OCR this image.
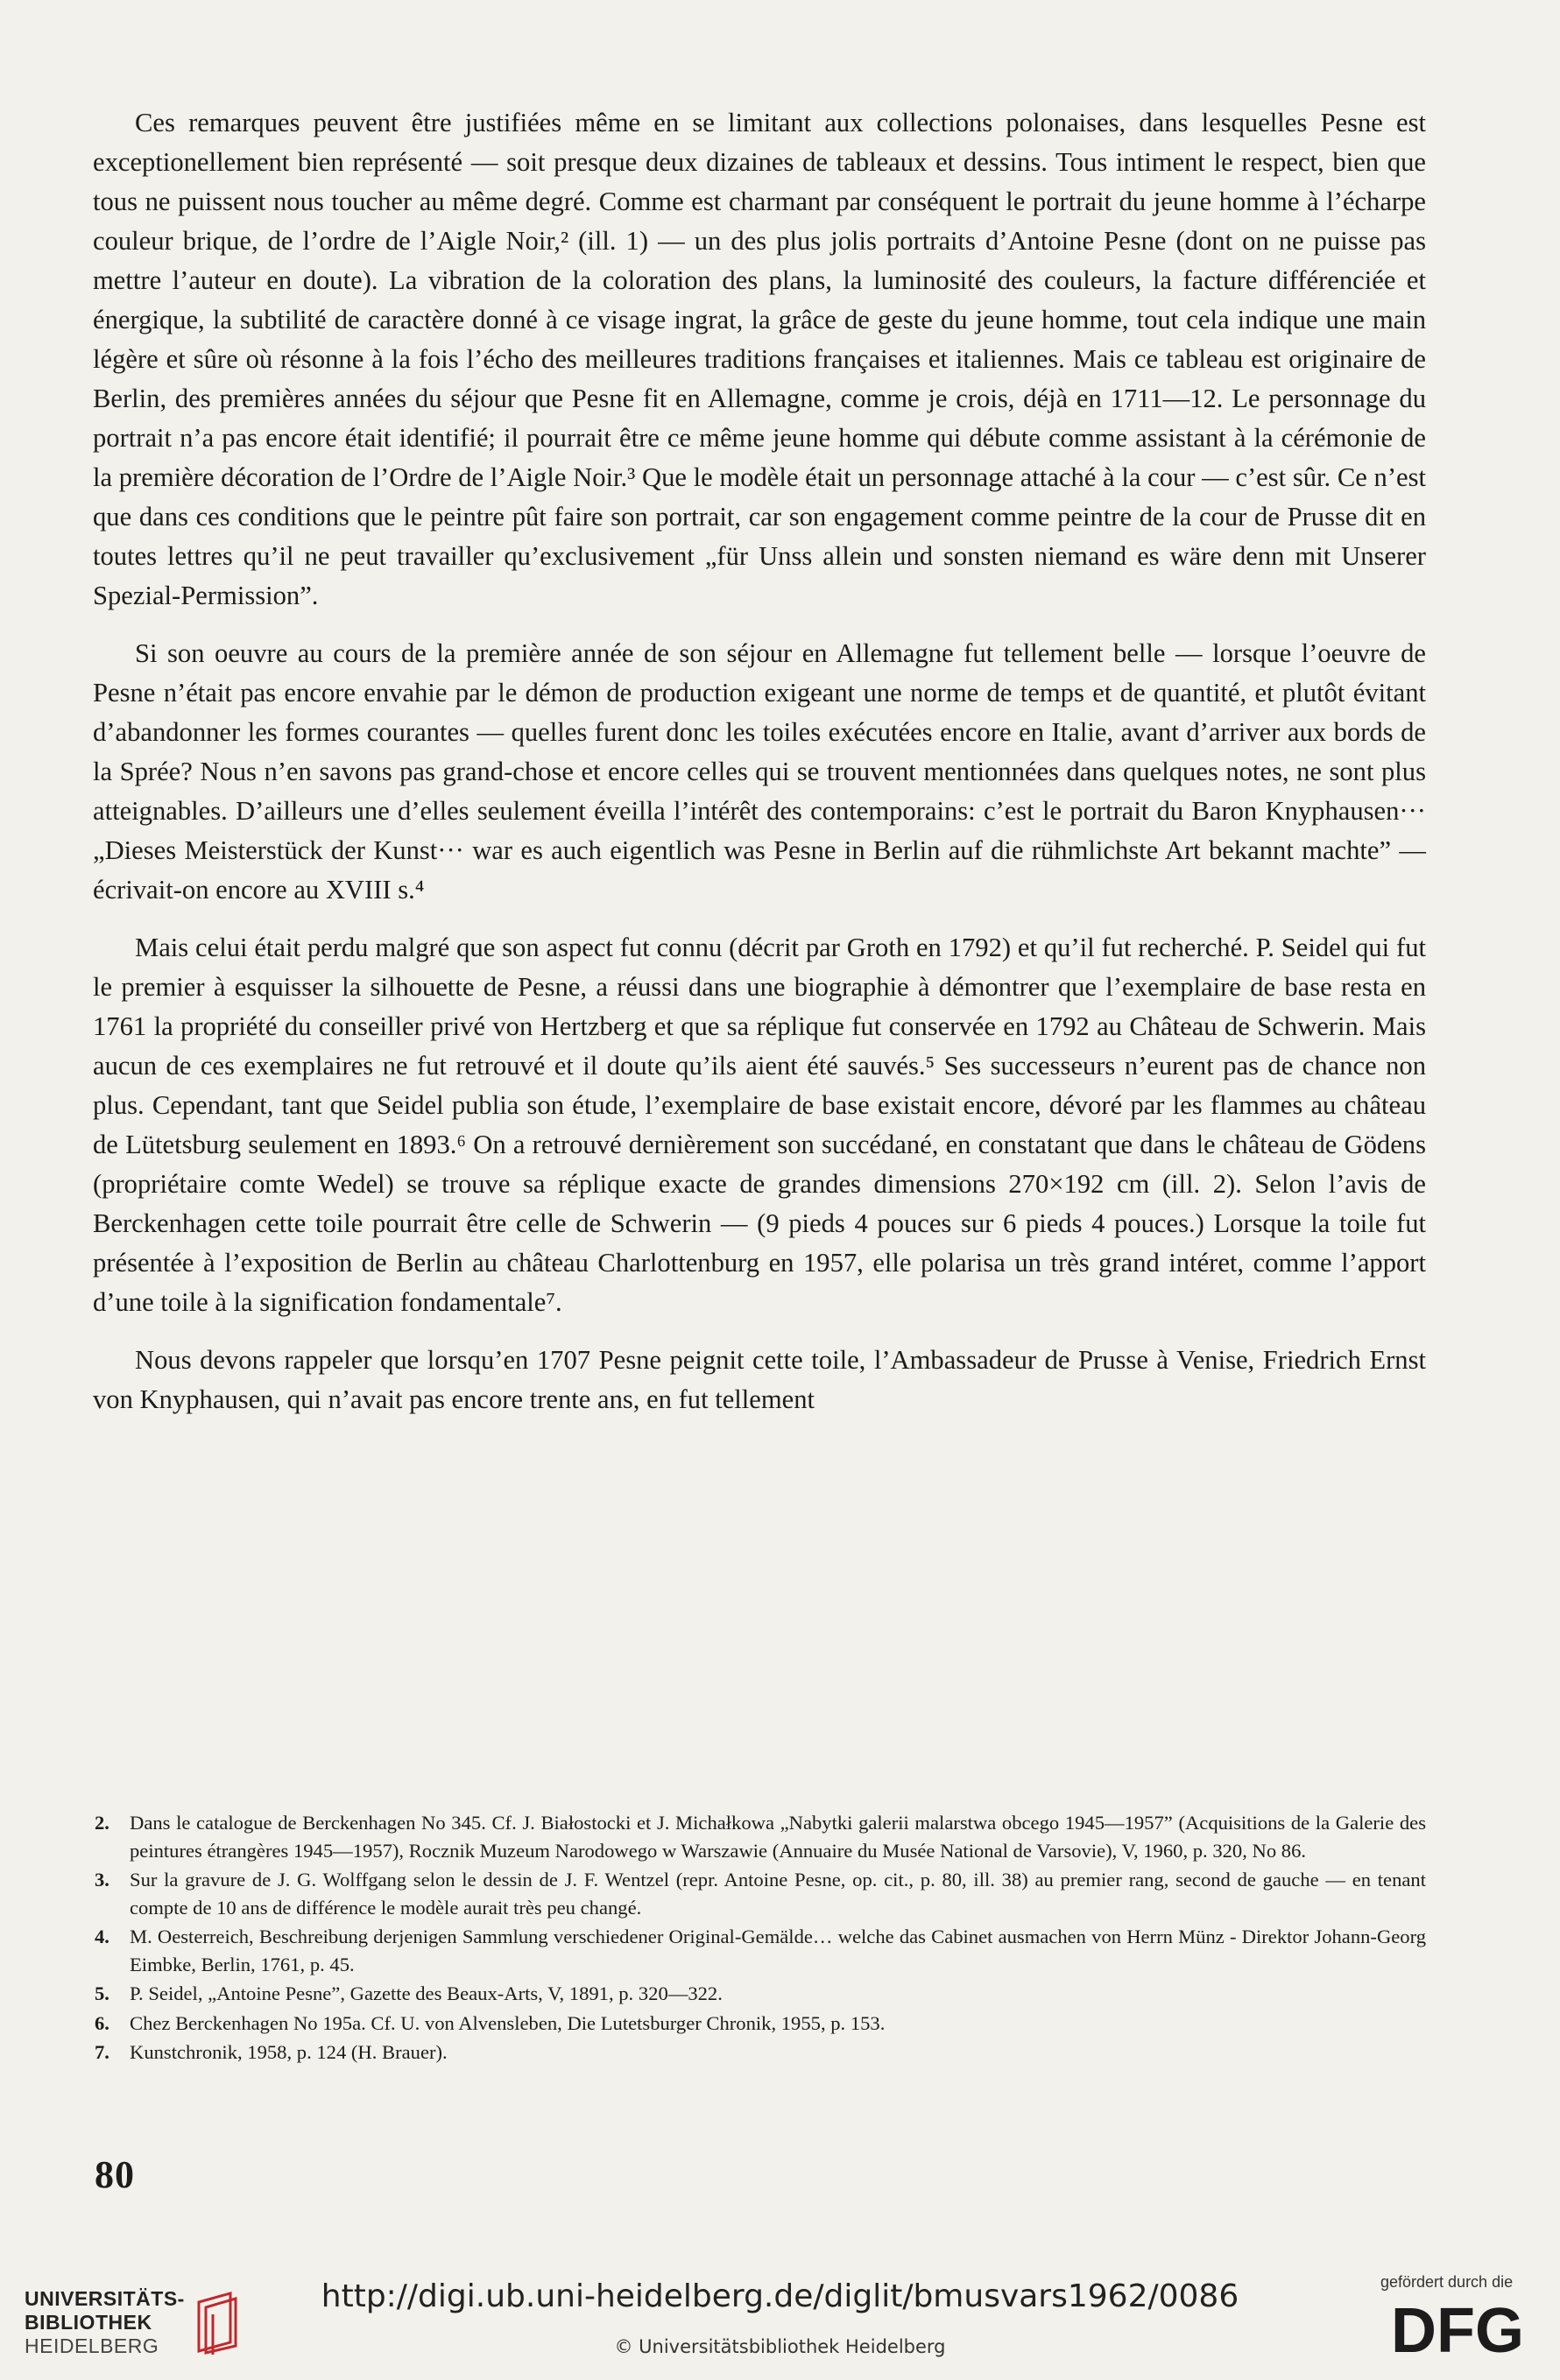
Ces remarques peuvent être justifiées même en se limitant aux collections polonaises, dans lesquelles Pesne est exceptionellement bien représenté — soit presque deux dizaines de tableaux et dessins. Tous intiment le respect, bien que tous ne puissent nous toucher au même degré. Comme est charmant par conséquent le portrait du jeune homme à l’écharpe couleur brique, de l’ordre de l’Aigle Noir,² (ill. 1) — un des plus jolis portraits d’Antoine Pesne (dont on ne puisse pas mettre l’auteur en doute). La vibration de la coloration des plans, la luminosité des couleurs, la facture différenciée et énergique, la subtilité de caractère donné à ce visage ingrat, la grâce de geste du jeune homme, tout cela indique une main légère et sûre où résonne à la fois l’écho des meilleures traditions françaises et italiennes. Mais ce tableau est originaire de Berlin, des premières années du séjour que Pesne fit en Allemagne, comme je crois, déjà en 1711—12. Le personnage du portrait n’a pas encore était identifié; il pourrait être ce même jeune homme qui débute comme assistant à la cérémonie de la première décoration de l’Ordre de l’Aigle Noir.³ Que le modèle était un personnage attaché à la cour — c’est sûr. Ce n’est que dans ces conditions que le peintre pût faire son portrait, car son engagement comme peintre de la cour de Prusse dit en toutes lettres qu’il ne peut travailler qu’exclusivement „für Unss allein und sonsten niemand es wäre denn mit Unserer Spezial-Permission”.

Si son oeuvre au cours de la première année de son séjour en Allemagne fut tellement belle — lorsque l’oeuvre de Pesne n’était pas encore envahie par le démon de production exigeant une norme de temps et de quantité, et plutôt évitant d’abandonner les formes courantes — quelles furent donc les toiles exécutées encore en Italie, avant d’arriver aux bords de la Sprée? Nous n’en savons pas grand-chose et encore celles qui se trouvent mentionnées dans quelques notes, ne sont plus atteignables. D’ailleurs une d’elles seulement éveilla l’intérêt des contemporains: c’est le portrait du Baron Knyphausen··· „Dieses Meisterstück der Kunst··· war es auch eigentlich was Pesne in Berlin auf die rühmlichste Art bekannt machte” — écrivait-on encore au XVIII s.⁴

Mais celui était perdu malgré que son aspect fut connu (décrit par Groth en 1792) et qu’il fut recherché. P. Seidel qui fut le premier à esquisser la silhouette de Pesne, a réussi dans une biographie à démontrer que l’exemplaire de base resta en 1761 la propriété du conseiller privé von Hertzberg et que sa réplique fut conservée en 1792 au Château de Schwerin. Mais aucun de ces exemplaires ne fut retrouvé et il doute qu’ils aient été sauvés.⁵ Ses successeurs n’eurent pas de chance non plus. Cependant, tant que Seidel publia son étude, l’exemplaire de base existait encore, dévoré par les flammes au château de Lütetsburg seulement en 1893.⁶ On a retrouvé dernièrement son succédané, en constatant que dans le château de Gödens (propriétaire comte Wedel) se trouve sa réplique exacte de grandes dimensions 270×192 cm (ill. 2). Selon l’avis de Berckenhagen cette toile pourrait être celle de Schwerin — (9 pieds 4 pouces sur 6 pieds 4 pouces.) Lorsque la toile fut présentée à l’exposition de Berlin au château Charlottenburg en 1957, elle polarisa un très grand intéret, comme l’apport d’une toile à la signification fondamentale⁷.

Nous devons rappeler que lorsqu’en 1707 Pesne peignit cette toile, l’Ambassadeur de Prusse à Venise, Friedrich Ernst von Knyphausen, qui n’avait pas encore trente ans, en fut tellement

2.	Dans le catalogue de Berckenhagen No 345. Cf. J. Białostocki et J. Michałkowa „Nabytki galerii malarstwa obcego 1945—1957” (Acquisitions de la Galerie des peintures étrangères 1945—1957), Rocznik Muzeum Narodowego w Warszawie (Annuaire du Musée National de Varsovie), V, 1960, p. 320, No 86.
3.	Sur la gravure de J. G. Wolffgang selon le dessin de J. F. Wentzel (repr. Antoine Pesne, op. cit., p. 80, ill. 38) au premier rang, second de gauche — en tenant compte de 10 ans de différence le modèle aurait très peu changé.
4.	M. Oesterreich, Beschreibung derjenigen Sammlung verschiedener Original-Gemälde… welche das Cabinet ausmachen von Herrn Münz - Direktor Johann-Georg Eimbke, Berlin, 1761, p. 45.
5.	P. Seidel, „Antoine Pesne”, Gazette des Beaux-Arts, V, 1891, p. 320—322.
6.	Chez Berckenhagen No 195a. Cf. U. von Alvensleben, Die Lutetsburger Chronik, 1955, p. 153.
7.	Kunstchronik, 1958, p. 124 (H. Brauer).
80
UNIVERSITÄTS-
BIBLIOTHEK
HEIDELBERG
http://digi.ub.uni-heidelberg.de/diglit/bmusvars1962/0086
© Universitätsbibliothek Heidelberg
gefördert durch die
DFG
